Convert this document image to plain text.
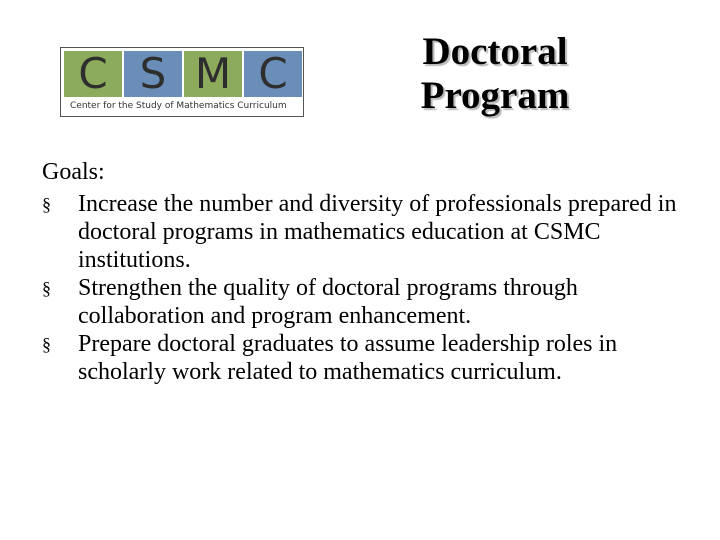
C S M C
Center for the Study of Mathematics Curriculum
Doctoral
Program
Goals:
§ Increase the number and diversity of professionals prepared in doctoral programs in mathematics education at CSMC institutions.
§ Strengthen the quality of doctoral programs through collaboration and program enhancement.
§ Prepare doctoral graduates to assume leadership roles in scholarly work related to mathematics curriculum.
